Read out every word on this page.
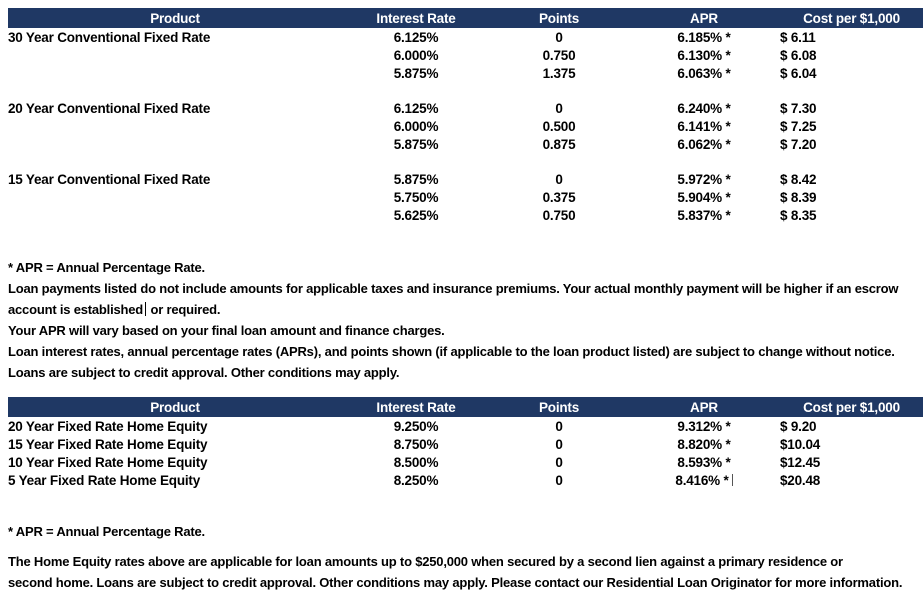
Product	Interest Rate	Points	APR	Cost per $1,000
30 Year Conventional Fixed Rate	6.125%	0	6.185% *	$ 6.11
	6.000%	0.750	6.130% *	$ 6.08
	5.875%	1.375	6.063% *	$ 6.04

20 Year Conventional Fixed Rate	6.125%	0	6.240% *	$ 7.30
	6.000%	0.500	6.141% *	$ 7.25
	5.875%	0.875	6.062% *	$ 7.20

15 Year Conventional Fixed Rate	5.875%	0	5.972% *	$ 8.42
	5.750%	0.375	5.904% *	$ 8.39
	5.625%	0.750	5.837% *	$ 8.35
* APR = Annual Percentage Rate.
Loan payments listed do not include amounts for applicable taxes and insurance premiums. Your actual monthly payment will be higher if an escrow
account is established or required.
Your APR will vary based on your final loan amount and finance charges.
Loan interest rates, annual percentage rates (APRs), and points shown (if applicable to the loan product listed) are subject to change without notice.
Loans are subject to credit approval. Other conditions may apply.
Product	Interest Rate	Points	APR	Cost per $1,000
20 Year Fixed Rate Home Equity	9.250%	0	9.312% *	$ 9.20
15 Year Fixed Rate Home Equity	8.750%	0	8.820% *	$10.04
10 Year Fixed Rate Home Equity	8.500%	0	8.593% *	$12.45
5 Year Fixed Rate Home Equity	8.250%	0	8.416% *	$20.48
* APR = Annual Percentage Rate.
The Home Equity rates above are applicable for loan amounts up to $250,000 when secured by a second lien against a primary residence or
second home. Loans are subject to credit approval. Other conditions may apply. Please contact our Residential Loan Originator for more information.
